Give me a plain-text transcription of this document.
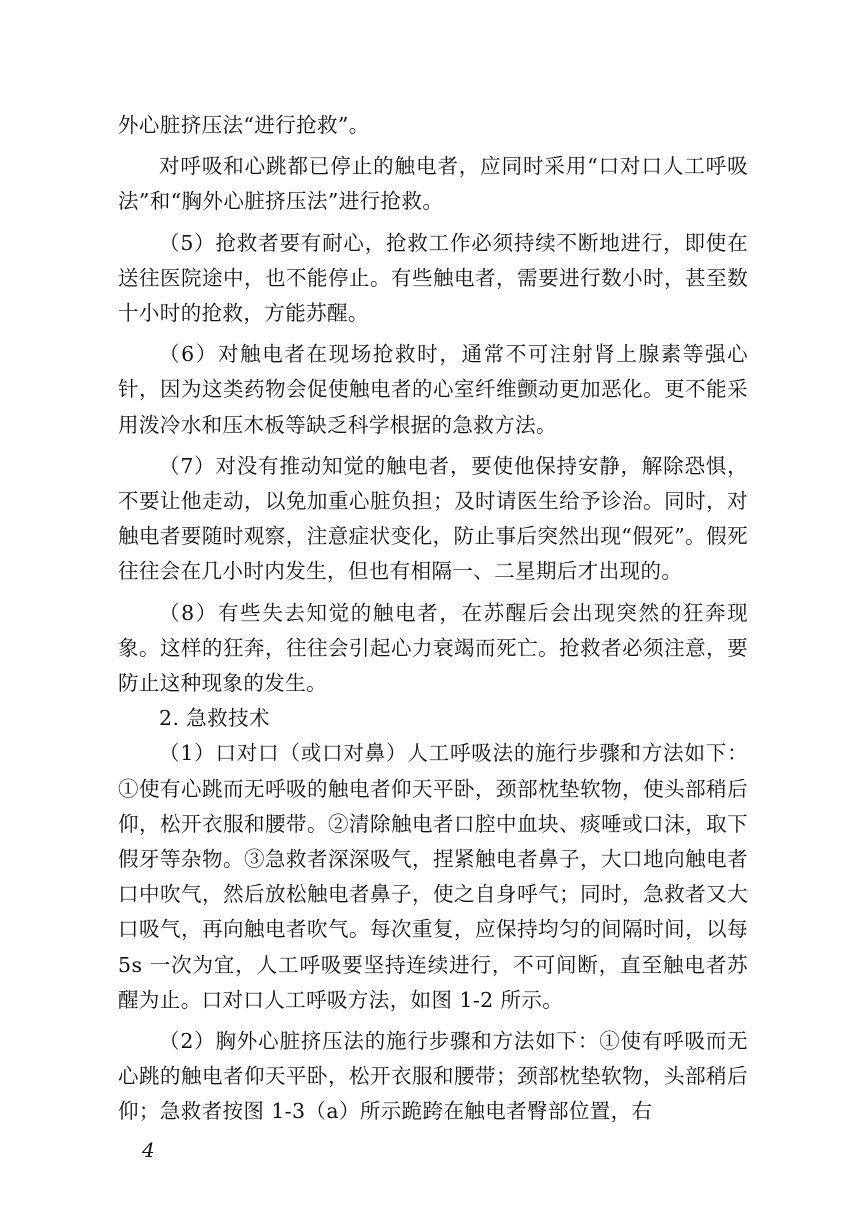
外心脏挤压法“进行抢救”。

对呼吸和心跳都已停止的触电者，应同时采用“口对口人工呼吸法”和“胸外心脏挤压法”进行抢救。

（5）抢救者要有耐心，抢救工作必须持续不断地进行，即使在送往医院途中，也不能停止。有些触电者，需要进行数小时，甚至数十小时的抢救，方能苏醒。

（6）对触电者在现场抢救时，通常不可注射肾上腺素等强心针，因为这类药物会促使触电者的心室纤维颤动更加恶化。更不能采用泼冷水和压木板等缺乏科学根据的急救方法。

（7）对没有推动知觉的触电者，要使他保持安静，解除恐惧，不要让他走动，以免加重心脏负担；及时请医生给予诊治。同时，对触电者要随时观察，注意症状变化，防止事后突然出现“假死”。假死往往会在几小时内发生，但也有相隔一、二星期后才出现的。

（8）有些失去知觉的触电者，在苏醒后会出现突然的狂奔现象。这样的狂奔，往往会引起心力衰竭而死亡。抢救者必须注意，要防止这种现象的发生。

2. 急救技术

（1）口对口（或口对鼻）人工呼吸法的施行步骤和方法如下：①使有心跳而无呼吸的触电者仰天平卧，颈部枕垫软物，使头部稍后仰，松开衣服和腰带。②清除触电者口腔中血块、痰唾或口沫，取下假牙等杂物。③急救者深深吸气，捏紧触电者鼻子，大口地向触电者口中吹气，然后放松触电者鼻子，使之自身呼气；同时，急救者又大口吸气，再向触电者吹气。每次重复，应保持均匀的间隔时间，以每 5s 一次为宜，人工呼吸要坚持连续进行，不可间断，直至触电者苏醒为止。口对口人工呼吸方法，如图 1-2 所示。

（2）胸外心脏挤压法的施行步骤和方法如下：①使有呼吸而无心跳的触电者仰天平卧，松开衣服和腰带；颈部枕垫软物，头部稍后仰；急救者按图 1-3（a）所示跪跨在触电者臀部位置，右

4
